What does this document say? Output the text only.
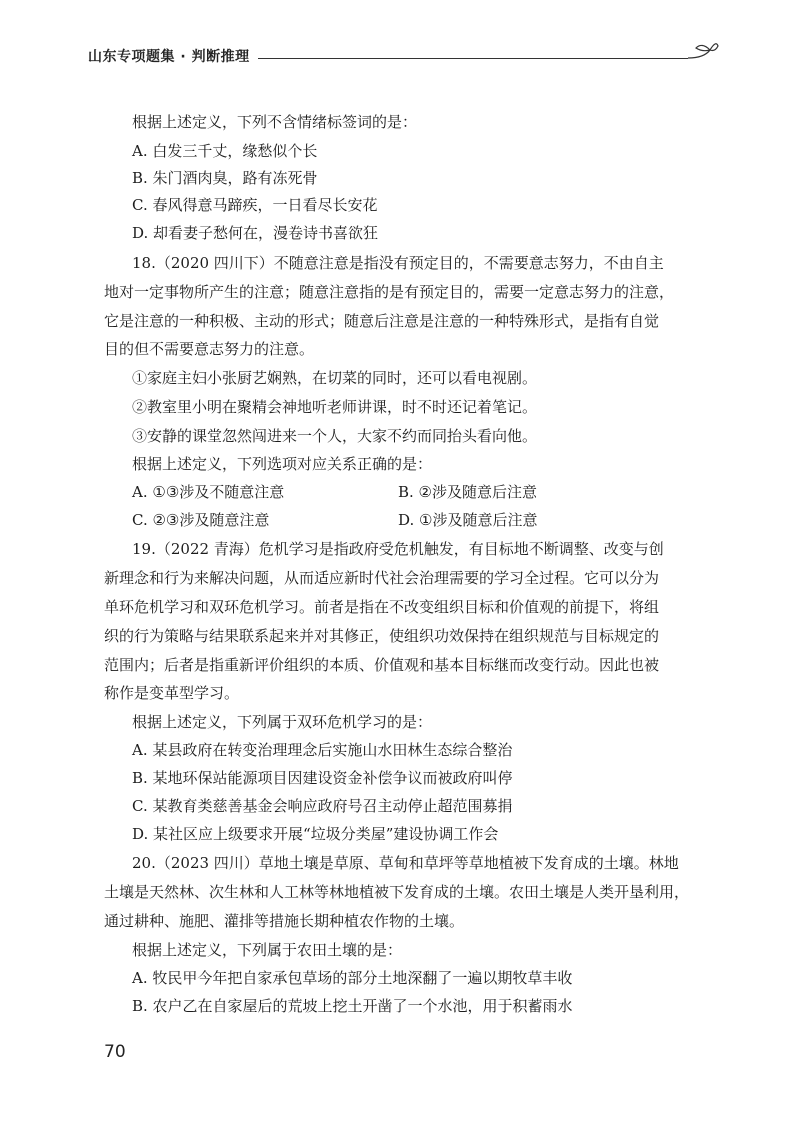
山东专项题集 · 判断推理
根据上述定义，下列不含情绪标签词的是：
A. 白发三千丈，缘愁似个长
B. 朱门酒肉臭，路有冻死骨
C. 春风得意马蹄疾，一日看尽长安花
D. 却看妻子愁何在，漫卷诗书喜欲狂
18.（2020 四川下）不随意注意是指没有预定目的，不需要意志努力，不由自主
地对一定事物所产生的注意；随意注意指的是有预定目的，需要一定意志努力的注意，
它是注意的一种积极、主动的形式；随意后注意是注意的一种特殊形式，是指有自觉
目的但不需要意志努力的注意。
①家庭主妇小张厨艺娴熟，在切菜的同时，还可以看电视剧。
②教室里小明在聚精会神地听老师讲课，时不时还记着笔记。
③安静的课堂忽然闯进来一个人，大家不约而同抬头看向他。
根据上述定义，下列选项对应关系正确的是：
A. ①③涉及不随意注意	B. ②涉及随意后注意
C. ②③涉及随意注意	D. ①涉及随意后注意
19.（2022 青海）危机学习是指政府受危机触发，有目标地不断调整、改变与创
新理念和行为来解决问题，从而适应新时代社会治理需要的学习全过程。它可以分为
单环危机学习和双环危机学习。前者是指在不改变组织目标和价值观的前提下，将组
织的行为策略与结果联系起来并对其修正，使组织功效保持在组织规范与目标规定的
范围内；后者是指重新评价组织的本质、价值观和基本目标继而改变行动。因此也被
称作是变革型学习。
根据上述定义，下列属于双环危机学习的是：
A. 某县政府在转变治理理念后实施山水田林生态综合整治
B. 某地环保站能源项目因建设资金补偿争议而被政府叫停
C. 某教育类慈善基金会响应政府号召主动停止超范围募捐
D. 某社区应上级要求开展“垃圾分类屋”建设协调工作会
20.（2023 四川）草地土壤是草原、草甸和草坪等草地植被下发育成的土壤。林地
土壤是天然林、次生林和人工林等林地植被下发育成的土壤。农田土壤是人类开垦利用，
通过耕种、施肥、灌排等措施长期种植农作物的土壤。
根据上述定义，下列属于农田土壤的是：
A. 牧民甲今年把自家承包草场的部分土地深翻了一遍以期牧草丰收
B. 农户乙在自家屋后的荒坡上挖土开凿了一个水池，用于积蓄雨水
70
